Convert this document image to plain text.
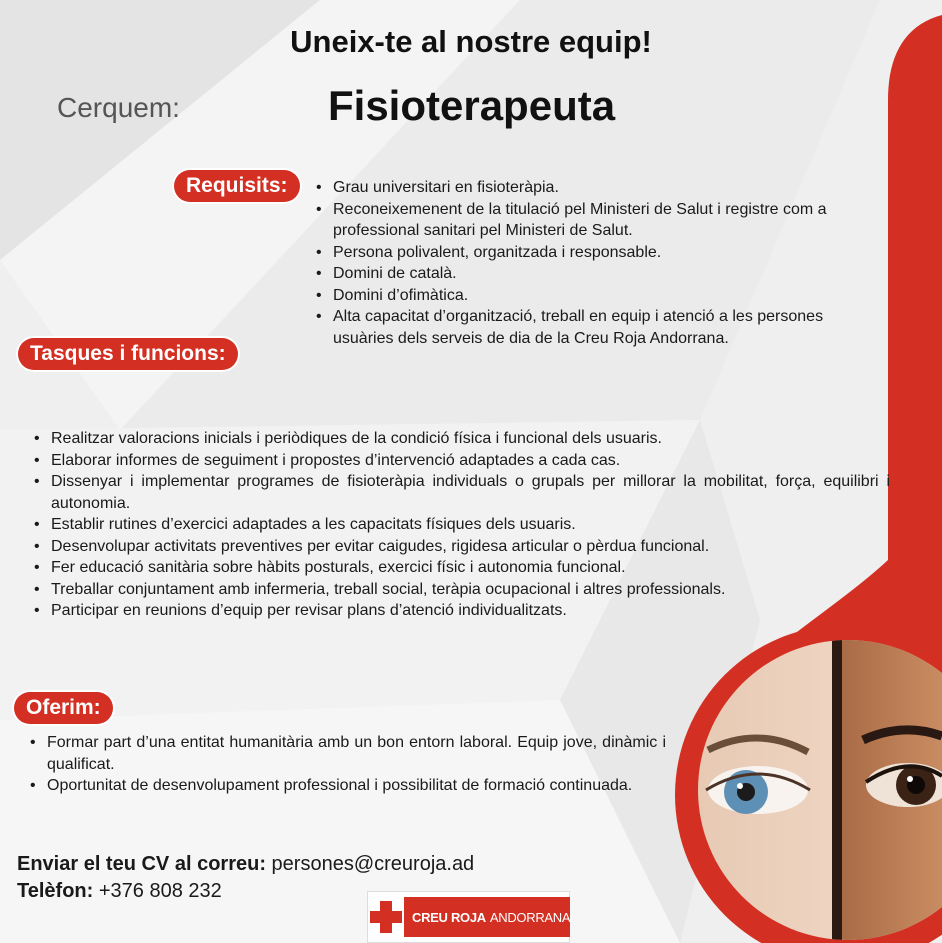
Uneix-te al nostre equip!

Cerquem:	Fisioterapeuta

Requisits:
•	Grau universitari en fisioteràpia.
• Reconeixemenent de la titulació pel Ministeri de Salut i registre com a professional sanitari pel Ministeri de Salut.
• Persona polivalent, organitzada i responsable.
• Domini de català.
• Domini d’ofimàtica.
• Alta capacitat d’organització, treball en equip i atenció a les persones usuàries dels serveis de dia de la Creu Roja Andorrana.
Tasques i funcions:
• Realitzar valoracions inicials i periòdiques de la condició física i funcional dels usuaris.
• Elaborar informes de seguiment i propostes d’intervenció adaptades a cada cas.
• Dissenyar i implementar programes de fisioteràpia individuals o grupals per millorar la mobilitat, força, equilibri i autonomia.
• Establir rutines d’exercici adaptades a les capacitats físiques dels usuaris.
• Desenvolupar activitats preventives per evitar caigudes, rigidesa articular o pèrdua funcional.
• Fer educació sanitària sobre hàbits posturals, exercici físic i autonomia funcional.
• Treballar conjuntament amb infermeria, treball social, teràpia ocupacional i altres professionals.
• Participar en reunions d’equip per revisar plans d’atenció individualitzats.
Oferim:
• Formar part d’una entitat humanitària amb un bon entorn laboral. Equip jove, dinàmic i qualificat.
• Oportunitat de desenvolupament professional i possibilitat de formació continuada.

Enviar el teu CV al correu: persones@creuroja.ad

Telèfon: +376 808 232

CREU ROJA ANDORRANA
